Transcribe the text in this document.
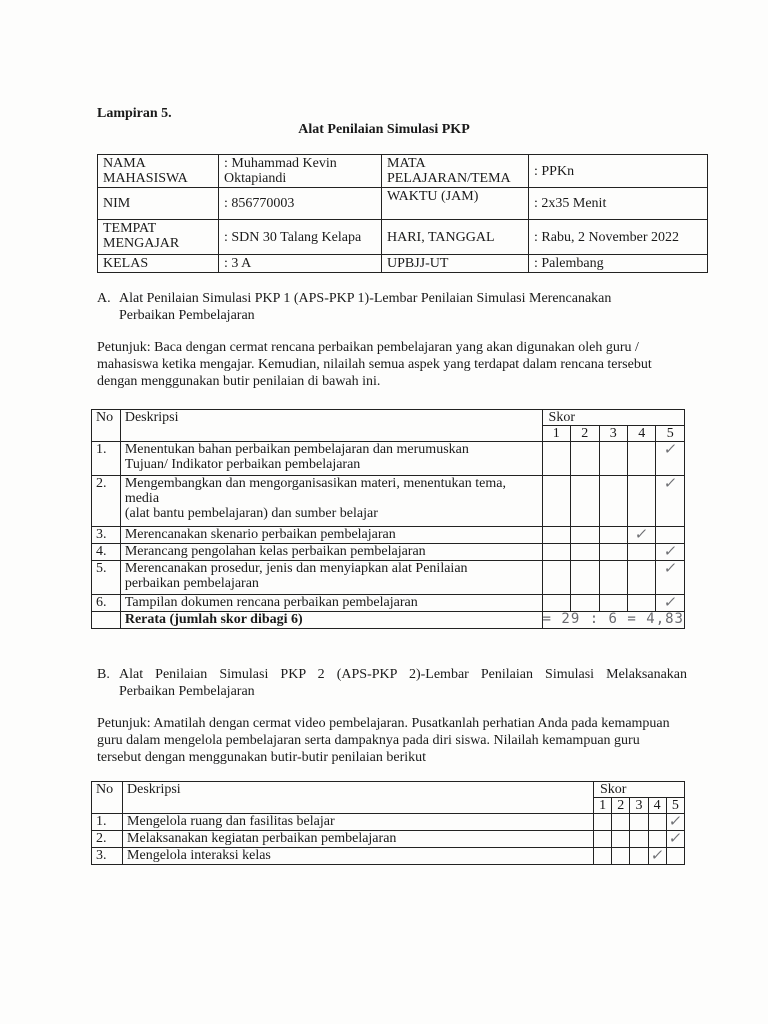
Lampiran 5.
Alat Penilaian Simulasi PKP
NAMA MAHASISWA	: Muhammad Kevin Oktapiandi	MATA PELAJARAN/TEMA	: PPKn
NIM	: 856770003	WAKTU (JAM)	: 2x35 Menit
TEMPAT MENGAJAR	: SDN 30 Talang Kelapa	HARI, TANGGAL	: Rabu, 2 November 2022
KELAS	: 3 A	UPBJJ-UT	: Palembang
A. Alat Penilaian Simulasi PKP 1 (APS-PKP 1)-Lembar Penilaian Simulasi Merencanakan
Perbaikan Pembelajaran
Petunjuk: Baca dengan cermat rencana perbaikan pembelajaran yang akan digunakan oleh guru / mahasiswa ketika mengajar. Kemudian, nilailah semua aspek yang terdapat dalam rencana tersebut dengan menggunakan butir penilaian di bawah ini.
No	Deskripsi	Skor				
		1	2	3	4	5
1.	Menentukan bahan perbaikan pembelajaran dan merumuskan
Tujuan/ Indikator perbaikan pembelajaran					✓
2.	Mengembangkan dan mengorganisasikan materi, menentukan tema,
media
(alat bantu pembelajaran) dan sumber belajar					✓
3.	Merencanakan skenario perbaikan pembelajaran				✓	
4.	Merancang pengolahan kelas perbaikan pembelajaran					✓
5.	Merencanakan prosedur, jenis dan menyiapkan alat Penilaian
perbaikan pembelajaran					✓
6.	Tampilan dokumen rencana perbaikan pembelajaran					✓
	Rerata (jumlah skor dibagi 6)	= 29 : 6 = 4,83				
B. Alat Penilaian Simulasi PKP 2 (APS-PKP 2)-Lembar Penilaian Simulasi Melaksanakan
Perbaikan Pembelajaran
Petunjuk: Amatilah dengan cermat video pembelajaran. Pusatkanlah perhatian Anda pada kemampuan guru dalam mengelola pembelajaran serta dampaknya pada diri siswa. Nilailah kemampuan guru tersebut dengan menggunakan butir-butir penilaian berikut
No	Deskripsi	Skor				
		1	2	3	4	5
1.	Mengelola ruang dan fasilitas belajar					✓
2.	Melaksanakan kegiatan perbaikan pembelajaran					✓
3.	Mengelola interaksi kelas				✓	
